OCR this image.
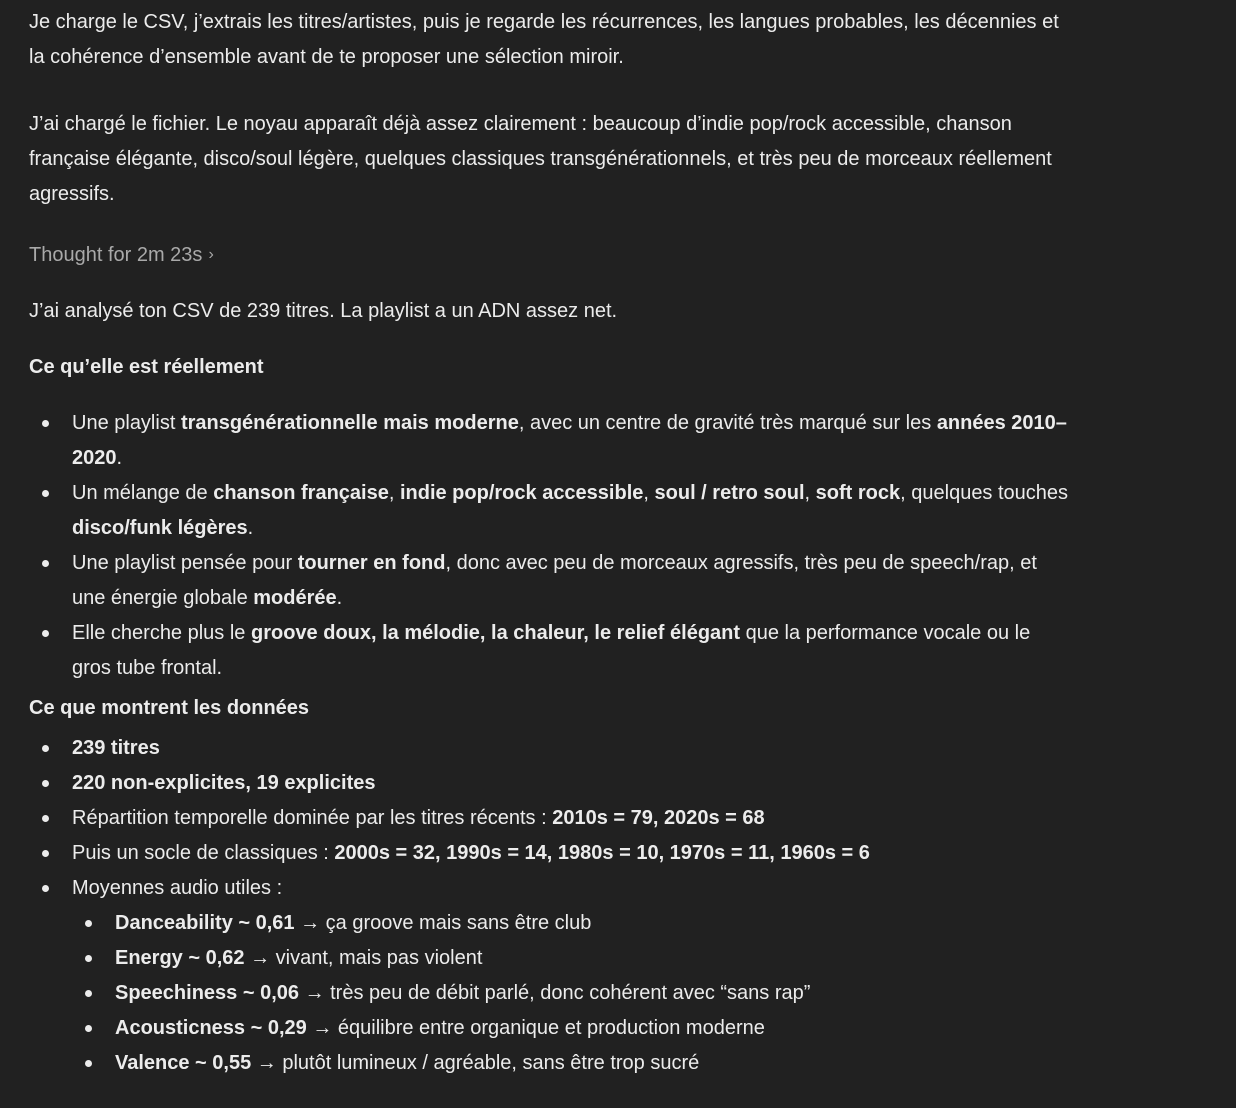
Je charge le CSV, j’extrais les titres/artistes, puis je regarde les récurrences, les langues probables, les décennies et la cohérence d’ensemble avant de te proposer une sélection miroir.

J’ai chargé le fichier. Le noyau apparaît déjà assez clairement : beaucoup d’indie pop/rock accessible, chanson française élégante, disco/soul légère, quelques classiques transgénérationnels, et très peu de morceaux réellement agressifs.

Thought for 2m 23s ›

J’ai analysé ton CSV de 239 titres. La playlist a un ADN assez net.

Ce qu’elle est réellement
Une playlist transgénérationnelle mais moderne, avec un centre de gravité très marqué sur les années 2010–2020.
Un mélange de chanson française, indie pop/rock accessible, soul / retro soul, soft rock, quelques touches disco/funk légères.
Une playlist pensée pour tourner en fond, donc avec peu de morceaux agressifs, très peu de speech/rap, et une énergie globale modérée.
Elle cherche plus le groove doux, la mélodie, la chaleur, le relief élégant que la performance vocale ou le gros tube frontal.
Ce que montrent les données
239 titres
220 non-explicites, 19 explicites
Répartition temporelle dominée par les titres récents : 2010s = 79, 2020s = 68
Puis un socle de classiques : 2000s = 32, 1990s = 14, 1980s = 10, 1970s = 11, 1960s = 6
Moyennes audio utiles :
Danceability ~ 0,61 → ça groove mais sans être club
Energy ~ 0,62 → vivant, mais pas violent
Speechiness ~ 0,06 → très peu de débit parlé, donc cohérent avec “sans rap”
Acousticness ~ 0,29 → équilibre entre organique et production moderne
Valence ~ 0,55 → plutôt lumineux / agréable, sans être trop sucré
